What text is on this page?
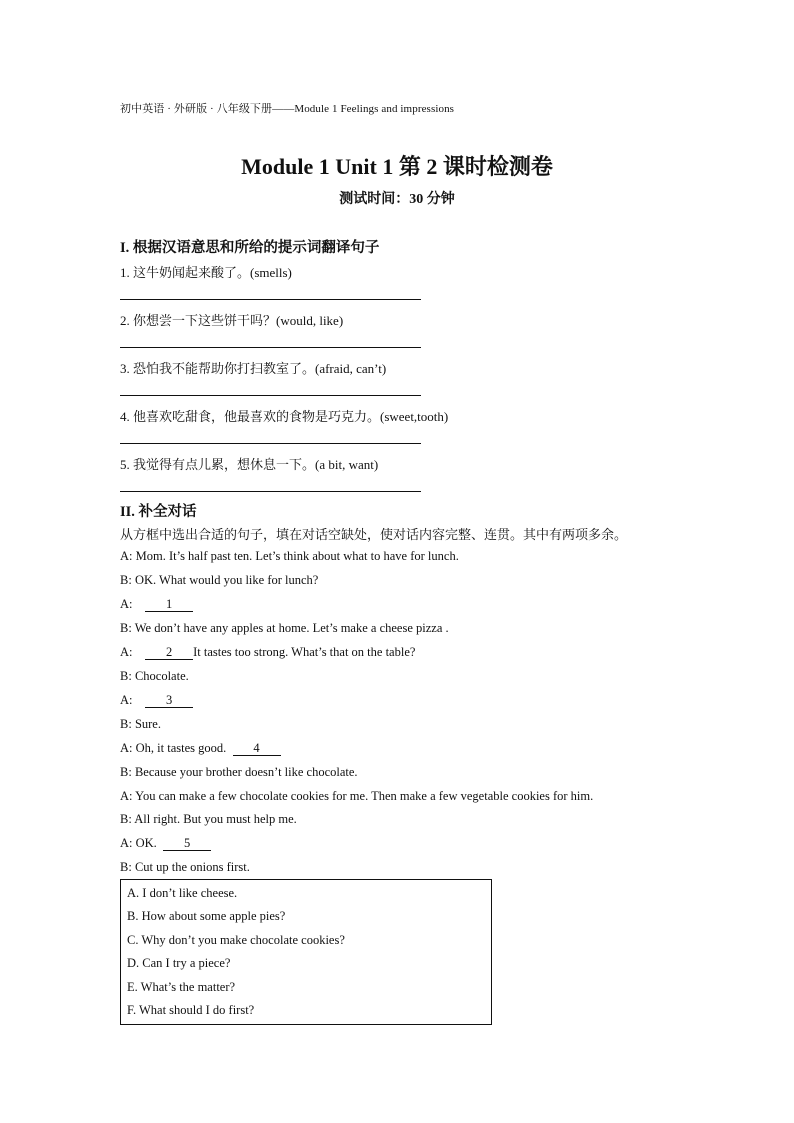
初中英语 · 外研版 · 八年级下册——Module 1 Feelings and impressions
Module 1 Unit 1 第 2 课时检测卷
测试时间：30 分钟
I. 根据汉语意思和所给的提示词翻译句子
1. 这牛奶闻起来酸了。(smells)
2. 你想尝一下这些饼干吗？(would, like)
3. 恐怕我不能帮助你打扫教室了。(afraid, can’t)
4. 他喜欢吃甜食，他最喜欢的食物是巧克力。(sweet,tooth)
5. 我觉得有点儿累，想休息一下。(a bit, want)
II. 补全对话
从方框中选出合适的句子，填在对话空缺处，使对话内容完整、连贯。其中有两项多余。
A: Mom. It’s half past ten. Let’s think about what to have for lunch.
B: OK. What would you like for lunch?
A:	1
B: We don’t have any apples at home. Let’s make a cheese pizza .
A:	2 It tastes too strong. What’s that on the table?
B: Chocolate.
A:	3
B: Sure.
A: Oh, it tastes good. 4
B: Because your brother doesn’t like chocolate.
A: You can make a few chocolate cookies for me. Then make a few vegetable cookies for him.
B: All right. But you must help me.
A: OK. 5
B: Cut up the onions first.
A. I don’t like cheese.
B. How about some apple pies?
C. Why don’t you make chocolate cookies?
D. Can I try a piece?
E. What’s the matter?
F. What should I do first?
